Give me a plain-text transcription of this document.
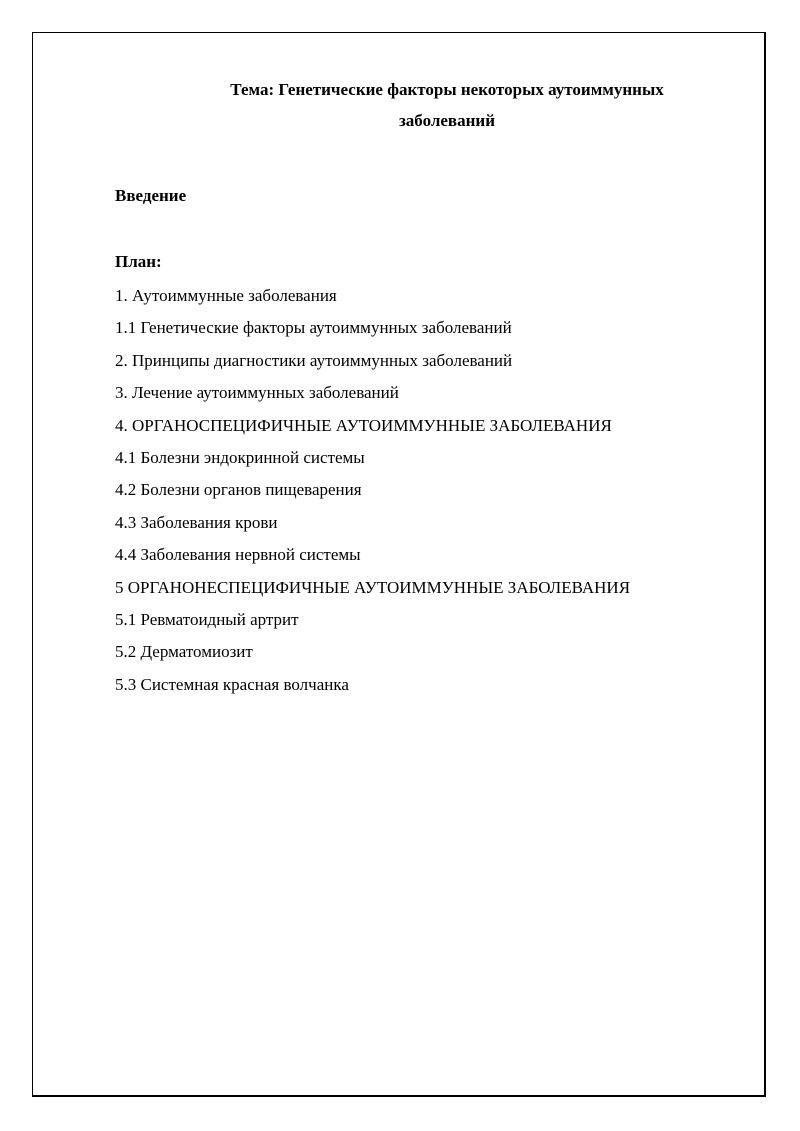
Тема: Генетические факторы некоторых аутоиммунных
заболеваний
Введение
План:
1. Аутоиммунные заболевания
1.1 Генетические факторы аутоиммунных заболеваний
2. Принципы диагностики аутоиммунных заболеваний
3. Лечение аутоиммунных заболеваний
4. ОРГАНОСПЕЦИФИЧНЫЕ АУТОИММУННЫЕ ЗАБОЛЕВАНИЯ
4.1 Болезни эндокринной системы
4.2 Болезни органов пищеварения
4.3 Заболевания крови
4.4 Заболевания нервной системы
5 ОРГАНОНЕСПЕЦИФИЧНЫЕ АУТОИММУННЫЕ ЗАБОЛЕВАНИЯ
5.1 Ревматоидный артрит
5.2 Дерматомиозит
5.3 Системная красная волчанка
